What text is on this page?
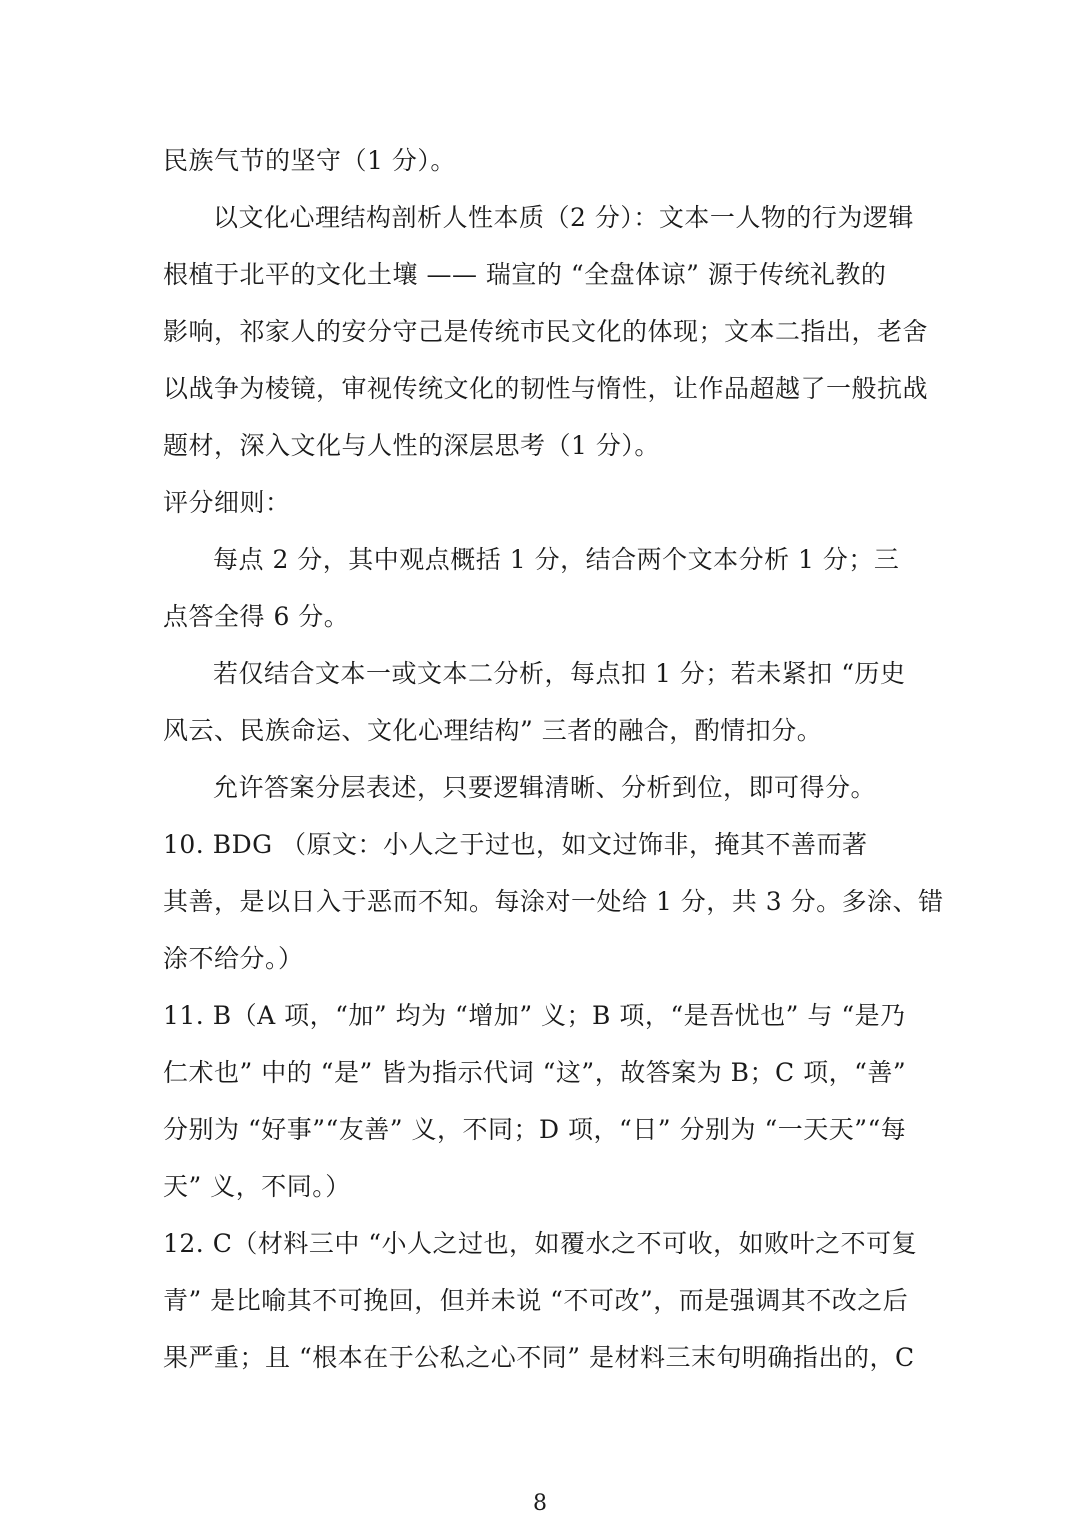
民族气节的坚守（1 分）。
以文化心理结构剖析人性本质（2 分）：文本一人物的行为逻辑
根植于北平的文化土壤 —— 瑞宣的 “全盘体谅” 源于传统礼教的
影响，祁家人的安分守己是传统市民文化的体现；文本二指出，老舍
以战争为棱镜，审视传统文化的韧性与惰性，让作品超越了一般抗战
题材，深入文化与人性的深层思考（1 分）。
评分细则：
每点 2 分，其中观点概括 1 分，结合两个文本分析 1 分；三
点答全得 6 分。
若仅结合文本一或文本二分析，每点扣 1 分；若未紧扣 “历史
风云、民族命运、文化心理结构” 三者的融合，酌情扣分。
允许答案分层表述，只要逻辑清晰、分析到位，即可得分。
10. BDG （原文：小人之于过也，如文过饰非，掩其不善而著
其善，是以日入于恶而不知。每涂对一处给 1 分，共 3 分。多涂、错
涂不给分。）
11. B（A 项，“加” 均为 “增加” 义；B 项，“是吾忧也” 与 “是乃
仁术也” 中的 “是” 皆为指示代词 “这”，故答案为 B；C 项，“善”
分别为 “好事”“友善” 义，不同；D 项，“日” 分别为 “一天天”“每
天” 义，不同。）
12. C（材料三中 “小人之过也，如覆水之不可收，如败叶之不可复
青” 是比喻其不可挽回，但并未说 “不可改”，而是强调其不改之后
果严重；且 “根本在于公私之心不同” 是材料三末句明确指出的，C
8
